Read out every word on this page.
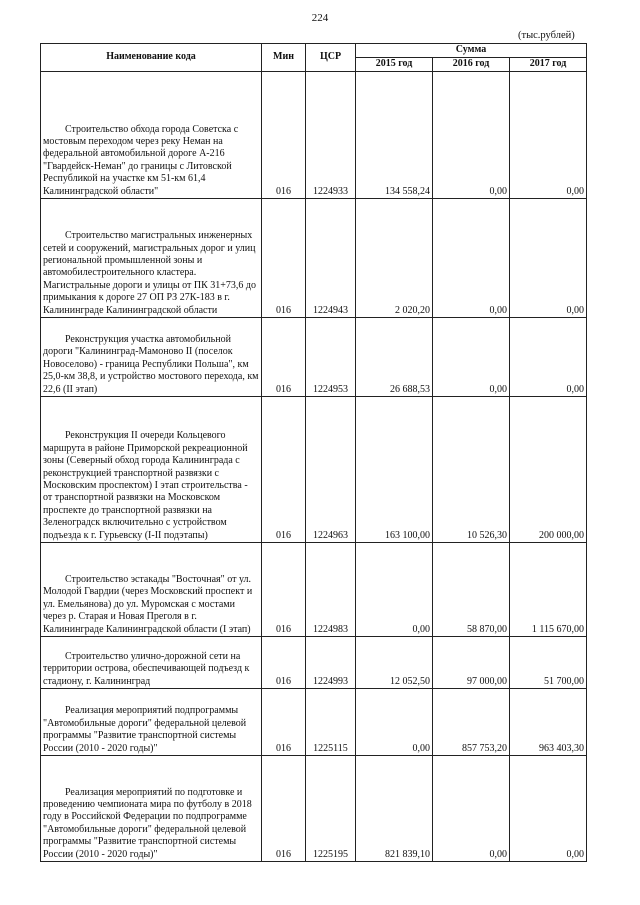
224
(тыс.рублей)
Наименование кода	Мин	ЦСР	Сумма		
			2015 год	2016 год	2017 год

Строительство обхода города Советска с мостовым переходом через реку Неман на федеральной автомобильной дороге А-216 "Гвардейск-Неман" до границы с Литовской Республикой на участке км 51-км 61,4 Калининградской области"	016	1224933	134 558,24	0,00	0,00

Строительство магистральных инженерных сетей и сооружений, магистральных дорог и улиц региональной промышленной зоны и автомобилестроительного кластера. Магистральные дороги и улицы от ПК 31+73,6 до примыкания к дороге 27 ОП РЗ 27К-183 в г. Калининграде Калининградской области	016	1224943	2 020,20	0,00	0,00

Реконструкция участка автомобильной дороги "Калининград-Мамоново II (поселок Новоселово) - граница Республики Польша", км 25,0-км 38,8, и устройство мостового перехода, км 22,6 (II этап)	016	1224953	26 688,53	0,00	0,00

Реконструкция II очереди Кольцевого маршрута в районе Приморской рекреационной зоны (Северный обход города Калининграда с реконструкцией транспортной развязки с Московским проспектом) I этап строительства - от транспортной развязки на Московском проспекте до транспортной развязки на Зеленоградск включительно с устройством подъезда к г. Гурьевску (I-II подэтапы)	016	1224963	163 100,00	10 526,30	200 000,00

Строительство эстакады "Восточная" от ул. Молодой Гвардии (через Московский проспект и ул. Емельянова) до ул. Муромская с мостами через р. Старая и Новая Преголя в г. Калининграде Калининградской области (I этап)	016	1224983	0,00	58 870,00	1 115 670,00

Строительство улично-дорожной сети на территории острова, обеспечивающей подъезд к стадиону, г. Калининград	016	1224993	12 052,50	97 000,00	51 700,00

Реализация мероприятий подпрограммы "Автомобильные дороги" федеральной целевой программы "Развитие транспортной системы России (2010 - 2020 годы)"	016	1225115	0,00	857 753,20	963 403,30

Реализация мероприятий по подготовке и проведению чемпионата мира по футболу в 2018 году в Российской Федерации по подпрограмме "Автомобильные дороги" федеральной целевой программы "Развитие транспортной системы России (2010 - 2020 годы)"	016	1225195	821 839,10	0,00	0,00
